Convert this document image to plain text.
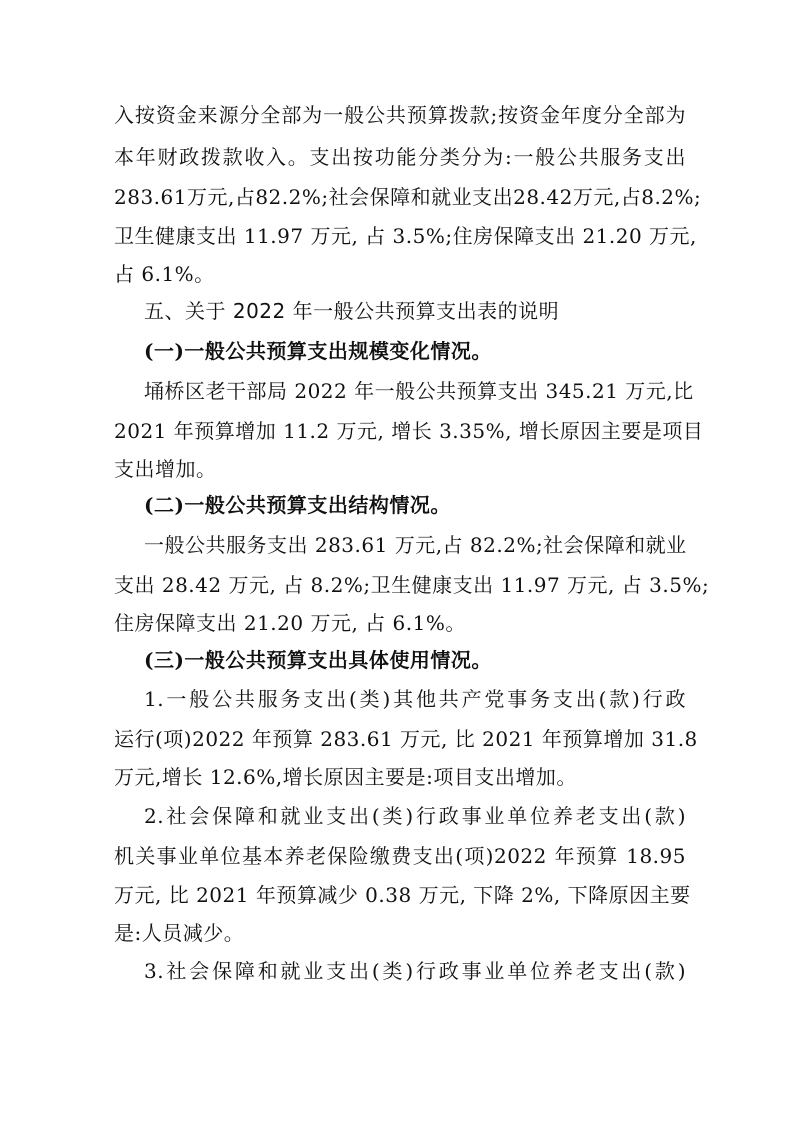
入按资金来源分全部为一般公共预算拨款;按资金年度分全部为
本年财政拨款收入。支出按功能分类分为:一般公共服务支出
283.61万元,占82.2%;社会保障和就业支出28.42万元,占8.2%;
卫生健康支出 11.97 万元, 占 3.5%;住房保障支出 21.20 万元,
占 6.1%。
五、关于 2022 年一般公共预算支出表的说明
(一)一般公共预算支出规模变化情况。
埇桥区老干部局 2022 年一般公共预算支出 345.21 万元,比
2021 年预算增加 11.2 万元, 增长 3.35%, 增长原因主要是项目
支出增加。
(二)一般公共预算支出结构情况。
一般公共服务支出 283.61 万元,占 82.2%;社会保障和就业
支出 28.42 万元, 占 8.2%;卫生健康支出 11.97 万元, 占 3.5%;
住房保障支出 21.20 万元, 占 6.1%。
(三)一般公共预算支出具体使用情况。
1.一般公共服务支出(类)其他共产党事务支出(款)行政
运行(项)2022 年预算 283.61 万元, 比 2021 年预算增加 31.8
万元,增长 12.6%,增长原因主要是:项目支出增加。
2.社会保障和就业支出(类)行政事业单位养老支出(款)
机关事业单位基本养老保险缴费支出(项)2022 年预算 18.95
万元, 比 2021 年预算减少 0.38 万元, 下降 2%, 下降原因主要
是:人员减少。
3.社会保障和就业支出(类)行政事业单位养老支出(款)
